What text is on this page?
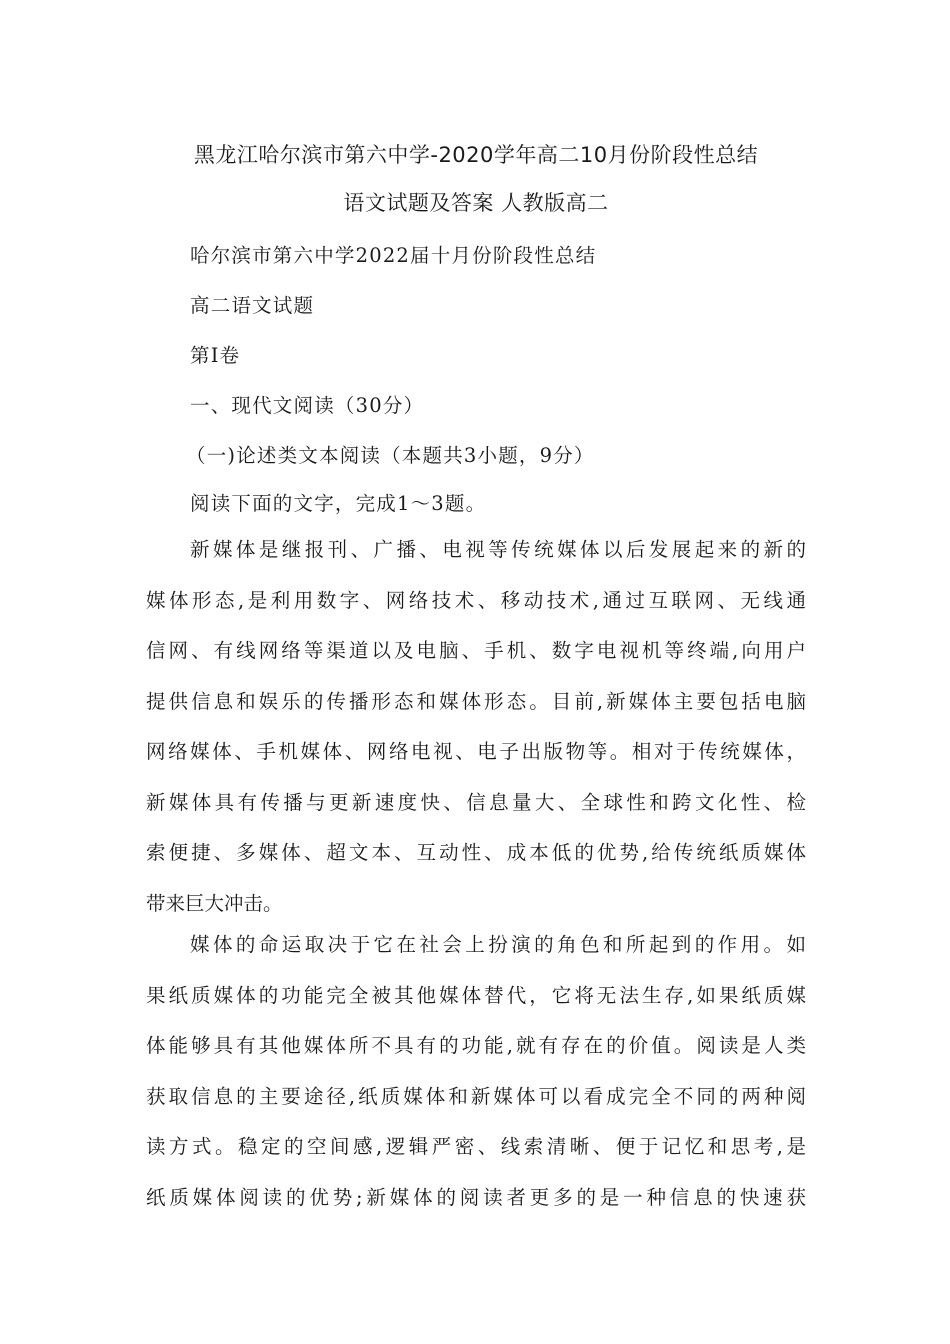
黑龙江哈尔滨市第六中学-2020学年高二10月份阶段性总结
语文试题及答案 人教版高二

哈尔滨市第六中学2022届十月份阶段性总结

高二语文试题

第Ⅰ卷

一、现代文阅读（30分）

（一)论述类文本阅读（本题共3小题，9分）

阅读下面的文字，完成1～3题。

新媒体是继报刊、广播、电视等传统媒体以后发展起来的新的

媒体形态,是利用数字、网络技术、移动技术,通过互联网、无线通

信网、有线网络等渠道以及电脑、手机、数字电视机等终端,向用户

提供信息和娱乐的传播形态和媒体形态。目前,新媒体主要包括电脑

网络媒体、手机媒体、网络电视、电子出版物等。相对于传统媒体，

新媒体具有传播与更新速度快、信息量大、全球性和跨文化性、检

索便捷、多媒体、超文本、互动性、成本低的优势,给传统纸质媒体

带来巨大冲击。

媒体的命运取决于它在社会上扮演的角色和所起到的作用。如

果纸质媒体的功能完全被其他媒体替代，它将无法生存,如果纸质媒

体能够具有其他媒体所不具有的功能,就有存在的价值。阅读是人类

获取信息的主要途径,纸质媒体和新媒体可以看成完全不同的两种阅

读方式。稳定的空间感,逻辑严密、线索清晰、便于记忆和思考,是

纸质媒体阅读的优势;新媒体的阅读者更多的是一种信息的快速获
